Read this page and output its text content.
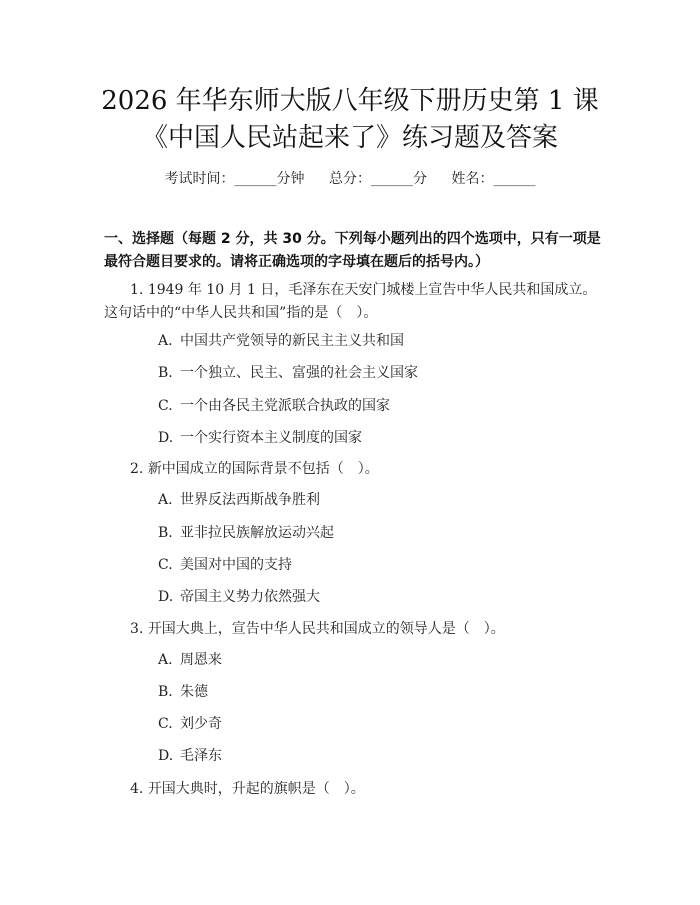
2026 年华东师大版八年级下册历史第 1 课
《中国人民站起来了》练习题及答案
考试时间：______分钟 总分：______分 姓名：______
一、选择题（每题 2 分，共 30 分。下列每小题列出的四个选项中，只有一项是最符合题目要求的。请将正确选项的字母填在题后的括号内。）
1. 1949 年 10 月 1 日，毛泽东在天安门城楼上宣告中华人民共和国成立。这句话中的“中华人民共和国”指的是（　）。
A. 中国共产党领导的新民主主义共和国
B. 一个独立、民主、富强的社会主义国家
C. 一个由各民主党派联合执政的国家
D. 一个实行资本主义制度的国家
2. 新中国成立的国际背景不包括（　）。
A. 世界反法西斯战争胜利
B. 亚非拉民族解放运动兴起
C. 美国对中国的支持
D. 帝国主义势力依然强大
3. 开国大典上，宣告中华人民共和国成立的领导人是（　）。
A. 周恩来
B. 朱德
C. 刘少奇
D. 毛泽东
4. 开国大典时，升起的旗帜是（　）。
